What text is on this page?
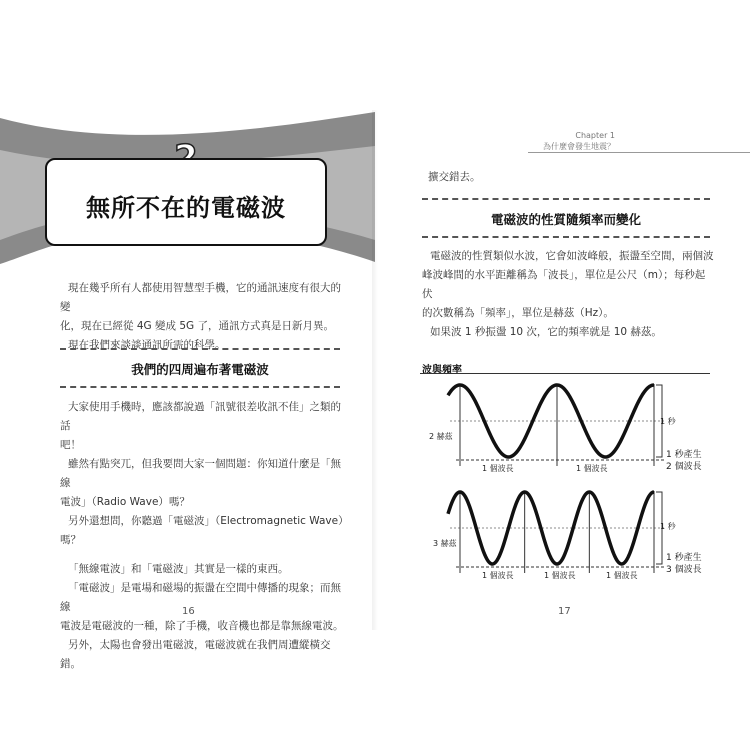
無所不在的電磁波
現在幾乎所有人都使用智慧型手機，它的通訊速度有很大的變
化，現在已經從 4G 變成 5G 了，通訊方式真是日新月異。
現在我們來談談通訊所需的科學。
我們的四周遍布著電磁波
大家使用手機時，應該都說過「訊號很差收訊不佳」之類的話
吧！
雖然有點突兀，但我要問大家一個問題：你知道什麼是「無線
電波」（Radio Wave）嗎？
另外還想問，你聽過「電磁波」（Electromagnetic Wave）嗎？
「無線電波」和「電磁波」其實是一樣的東西。
「電磁波」是電場和磁場的振盪在空間中傳播的現象；而無線
電波是電磁波的一種，除了手機，收音機也都是靠無線電波。
另外，太陽也會發出電磁波，電磁波就在我們周遭縱橫交錯。
16
Chapter 1
為什麼會發生地震？
擴交錯去。
電磁波的性質隨頻率而變化
電磁波的性質類似水波，它會如波峰般，振盪至空間，兩個波
峰波峰間的水平距離稱為「波長」，單位是公尺（m）；每秒起伏
的次數稱為「頻率」，單位是赫茲（Hz）。
如果波 1 秒振盪 10 次，它的頻率就是 10 赫茲。
波與頻率
2 赫茲
1 秒
1 秒產生
2 個波長
1 個波長	1 個波長
3 赫茲
1 秒
1 秒產生
3 個波長
1 個波長	1 個波長	1 個波長
17
